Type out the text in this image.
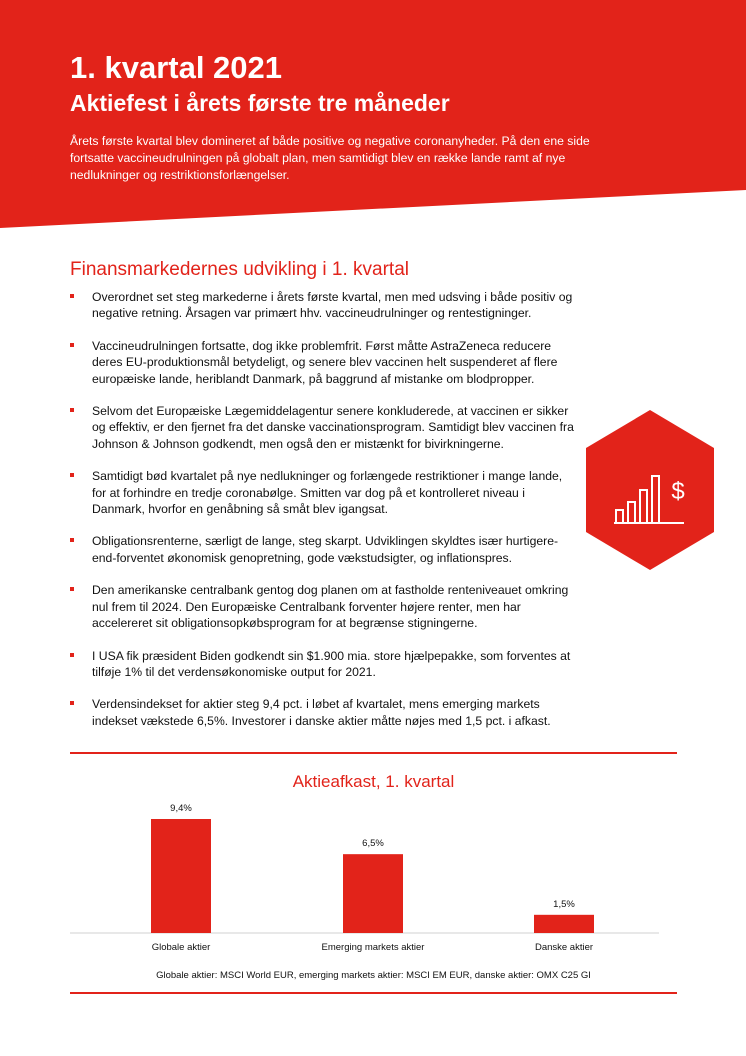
1. kvartal 2021
Aktiefest i årets første tre måneder

Årets første kvartal blev domineret af både positive og negative coronanyheder. På den ene side fortsatte vaccineudrulningen på globalt plan, men samtidigt blev en række lande ramt af nye nedlukninger og restriktionsforlængelser.

Finansmarkedernes udvikling i 1. kvartal
Overordnet set steg markederne i årets første kvartal, men med udsving i både positiv og negative retning. Årsagen var primært hhv. vaccineudrulninger og rentestigninger.
Vaccineudrulningen fortsatte, dog ikke problemfrit. Først måtte AstraZeneca reducere deres EU-produktionsmål betydeligt, og senere blev vaccinen helt suspenderet af flere europæiske lande, heriblandt Danmark, på baggrund af mistanke om blodpropper.
Selvom det Europæiske Lægemiddelagentur senere konkluderede, at vaccinen er sikker og effektiv, er den fjernet fra det danske vaccinationsprogram. Samtidigt blev vaccinen fra Johnson & Johnson godkendt, men også den er mistænkt for bivirkningerne.
Samtidigt bød kvartalet på nye nedlukninger og forlængede restriktioner i mange lande, for at forhindre en tredje coronabølge. Smitten var dog på et kontrolleret niveau i Danmark, hvorfor en genåbning så småt blev igangsat.
Obligationsrenterne, særligt de lange, steg skarpt. Udviklingen skyldtes især hurtigere-end-forventet økonomisk genopretning, gode vækstudsigter, og inflationspres.
Den amerikanske centralbank gentog dog planen om at fastholde renteniveauet omkring nul frem til 2024. Den Europæiske Centralbank forventer højere renter, men har accelereret sit obligationsopkøbsprogram for at begrænse stigningerne.
I USA fik præsident Biden godkendt sin $1.900 mia. store hjælpepakke, som forventes at tilføje 1% til det verdensøkonomiske output for 2021.
Verdensindekset for aktier steg 9,4 pct. i løbet af kvartalet, mens emerging markets indekset vækstede 6,5%. Investorer i danske aktier måtte nøjes med 1,5 pct. i afkast.
$
Aktieafkast, 1. kvartal
9,4%
Globale aktier
6,5%
Emerging markets aktier
1,5%
Danske aktier
Globale aktier: MSCI World EUR, emerging markets aktier: MSCI EM EUR, danske aktier: OMX C25 GI
